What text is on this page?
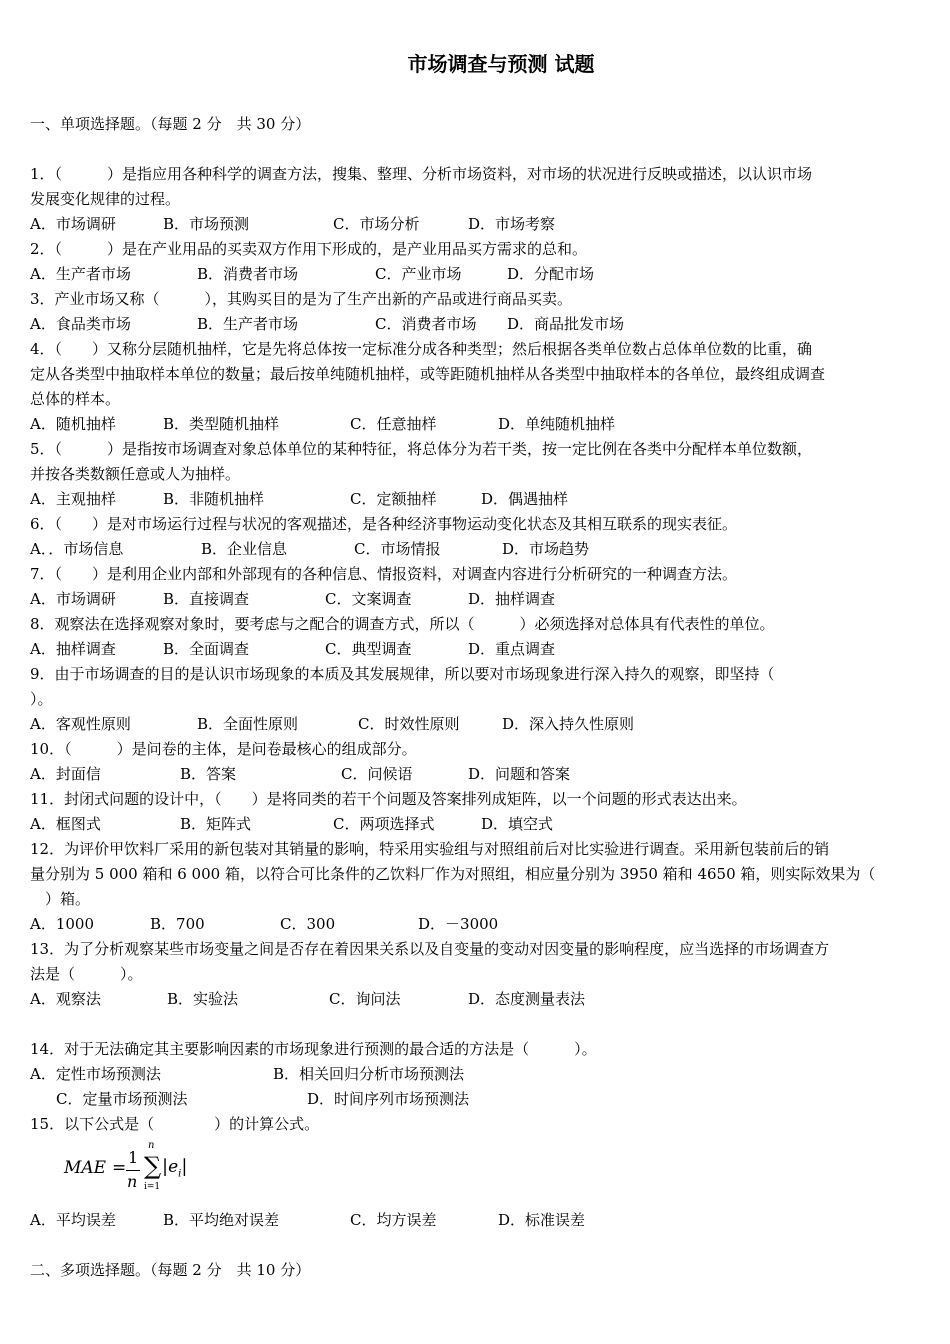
市场调查与预测 试题
一、单项选择题。（每题 2 分　共 30 分）
1．（　　　）是指应用各种科学的调查方法，搜集、整理、分析市场资料，对市场的状况进行反映或描述，以认识市场
发展变化规律的过程。
A．市场调研	B．市场预测	C．市场分析	D．市场考察
2．（　　　）是在产业用品的买卖双方作用下形成的，是产业用品买方需求的总和。
A．生产者市场	B．消费者市场	C．产业市场	D．分配市场
3．产业市场又称（　　　），其购买目的是为了生产出新的产品或进行商品买卖。
A．食品类市场	B．生产者市场	C．消费者市场 D．商品批发市场
4．（　　）又称分层随机抽样，它是先将总体按一定标准分成各种类型；然后根据各类单位数占总体单位数的比重，确
定从各类型中抽取样本单位的数量；最后按单纯随机抽样，或等距随机抽样从各类型中抽取样本的各单位，最终组成调查
总体的样本。
A．随机抽样	B．类型随机抽样	C．任意抽样	D．单纯随机抽样
5．（　　　）是指按市场调查对象总体单位的某种特征，将总体分为若干类，按一定比例在各类中分配样本单位数额，
并按各类数额任意或人为抽样。
A．主观抽样	B．非随机抽样	C．定额抽样	D．偶遇抽样
6．（　　）是对市场运行过程与状况的客观描述，是各种经济事物运动变化状态及其相互联系的现实表征。
A．．市场信息	B．企业信息	C．市场情报	D．市场趋势
7．（　　）是利用企业内部和外部现有的各种信息、情报资料，对调查内容进行分析研究的一种调查方法。
A．市场调研	B．直接调查	C．文案调查	D．抽样调查
8．观察法在选择观察对象时，要考虑与之配合的调查方式，所以（　　　）必须选择对总体具有代表性的单位。
A．抽样调查	B．全面调查	C．典型调查	D．重点调查
9．由于市场调查的目的是认识市场现象的本质及其发展规律，所以要对市场现象进行深入持久的观察，即坚持（
）。
A．客观性原则	B．全面性原则	C．时效性原则	D．深入持久性原则
10．（　　　）是问卷的主体，是问卷最核心的组成部分。
A．封面信	B．答案	C．问候语	D．问题和答案
11．封闭式问题的设计中，（　　）是将同类的若干个问题及答案排列成矩阵，以一个问题的形式表达出来。
A．框图式	B．矩阵式	C．两项选择式	D．填空式
12．为评价甲饮料厂采用的新包装对其销量的影响，特采用实验组与对照组前后对比实验进行调查。采用新包装前后的销
量分别为 5 000 箱和 6 000 箱，以符合可比条件的乙饮料厂作为对照组，相应量分别为 3950 箱和 4650 箱，则实际效果为（
　）箱。
A．1000	B．700	C．300	D．－3000
13．为了分析观察某些市场变量之间是否存在着因果关系以及自变量的变动对因变量的影响程度，应当选择的市场调查方
法是（　　　）。
A．观察法	B．实验法	C．询问法	D．态度测量表法
14．对于无法确定其主要影响因素的市场现象进行预测的最合适的方法是（　　　）。
A．定性市场预测法	B．相关回归分析市场预测法
C．定量市场预测法	D．时间序列市场预测法
15．以下公式是（　　　　）的计算公式。
MAE =
1
n
n
∑
i=1
$|e_i|$
A．平均误差	B．平均绝对误差	C．均方误差	D．标准误差
二、多项选择题。（每题 2 分　共 10 分）
